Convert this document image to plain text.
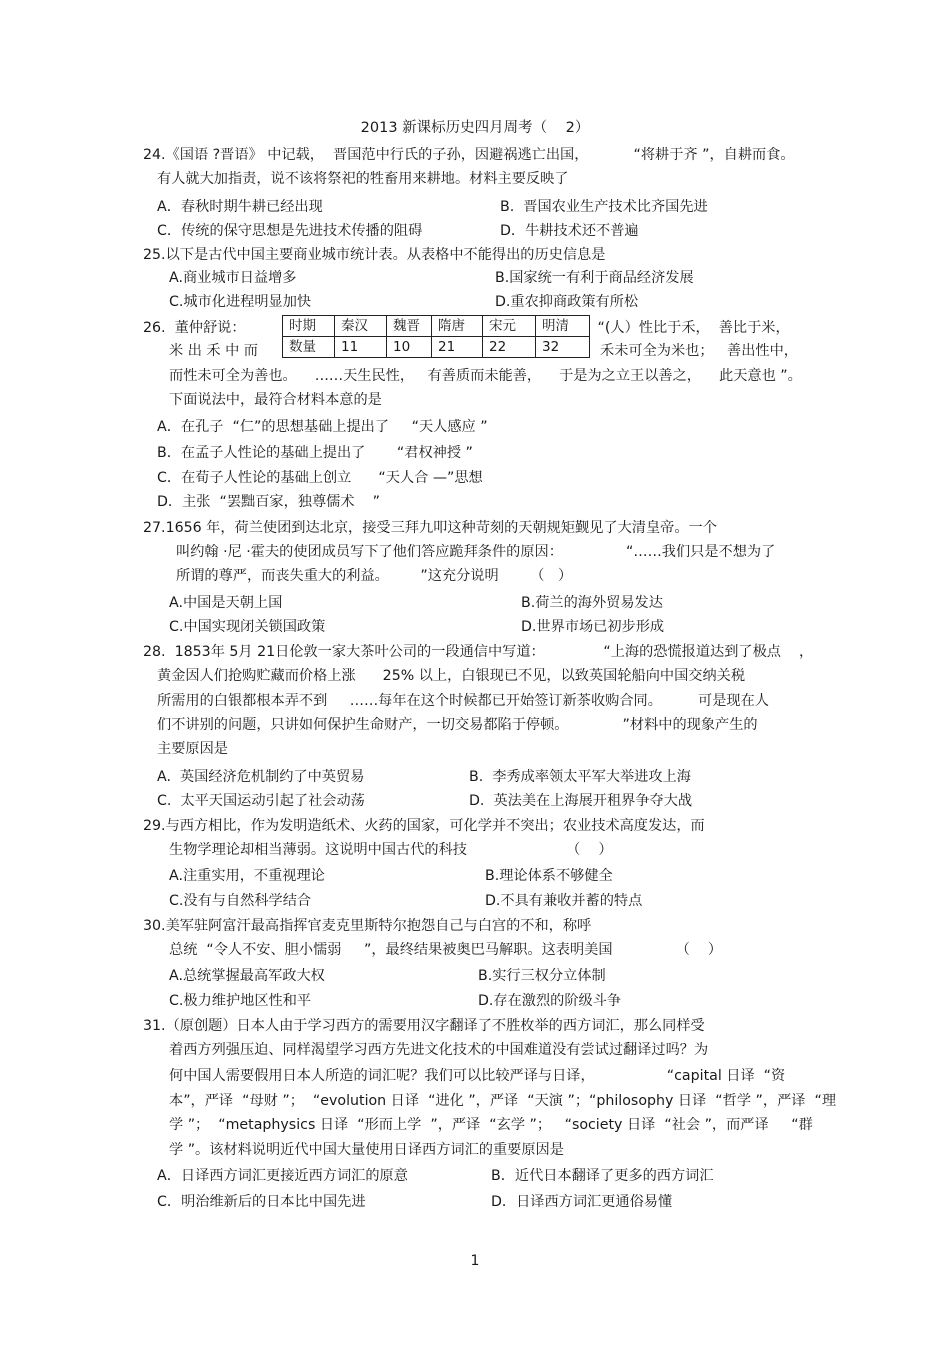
2013 新课标历史四月周考（    2）
24.《国语 ?晋语》 中记载，  晋国范中行氏的子孙，因避祸逃亡出国，          “将耕于齐 ”，自耕而食。
有人就大加指责，说不该将祭祀的牲畜用来耕地。材料主要反映了
A．春秋时期牛耕已经出现	B.  晋国农业生产技术比齐国先进
C．传统的保守思想是先进技术传播的阻碍	D．牛耕技术还不普遍
25.以下是古代中国主要商业城市统计表。从表格中不能得出的历史信息是
A.商业城市日益增多	B.国家统一有利于商品经济发展
C.城市化进程明显加快	D.重农抑商政策有所松
26.  董仲舒说：	“(人）性比于禾，  善比于米，
米 出 禾 中 而	禾未可全为米也；   善出性中，
而性未可全为善也。    ……天生民性，   有善质而未能善，    于是为之立王以善之，    此天意也 ”。
下面说法中，最符合材料本意的是
A．在孔子  “仁”的思想基础上提出了     “天人感应 ”
B．在孟子人性论的基础上提出了       “君权神授 ”
C．在荀子人性论的基础上创立      “天人合 —”思想
D．主张  “罢黜百家，独尊儒术    ”
27.1656 年，荷兰使团到达北京，接受三拜九叩这种苛刻的天朝规矩觐见了大清皇帝。一个
叫约翰 ·尼 ·霍夫的使团成员写下了他们答应跪拜条件的原因：              “……我们只是不想为了
所谓的尊严，而丧失重大的利益。       ”这充分说明       （   ）
A.中国是天朝上国	B.荷兰的海外贸易发达
C.中国实现闭关锁国政策	D.世界市场已初步形成
28.  1853年 5月 21日伦敦一家大茶叶公司的一段通信中写道：             “上海的恐慌报道达到了极点    ，
黄金因人们抢购贮藏而价格上涨      25% 以上，白银现已不见，以致英国轮船向中国交纳关税
所需用的白银都根本弄不到     ……每年在这个时候都已开始签订新茶收购合同。        可是现在人
们不讲别的问题，只讲如何保护生命财产，一切交易都陷于停顿。            ”材料中的现象产生的
主要原因是
A.  英国经济危机制约了中英贸易	B.  李秀成率领太平军大举进攻上海
C.  太平天国运动引起了社会动荡	D.  英法美在上海展开租界争夺大战
29.与西方相比，作为发明造纸术、火药的国家，可化学并不突出；农业技术高度发达，而
生物学理论却相当薄弱。这说明中国古代的科技                      （    ）
A.注重实用，不重视理论	B.理论体系不够健全
C.没有与自然科学结合	D.不具有兼收并蓄的特点
30.美军驻阿富汗最高指挥官麦克里斯特尔抱怨自己与白宫的不和，称呼
总统  “令人不安、胆小懦弱     ”，最终结果被奥巴马解职。这表明美国              （    ）
A.总统掌握最高军政大权	B.实行三权分立体制
C.极力维护地区性和平	D.存在激烈的阶级斗争
31.（原创题）日本人由于学习西方的需要用汉字翻译了不胜枚举的西方词汇，那么同样受
着西方列强压迫、同样渴望学习西方先进文化技术的中国难道没有尝试过翻译过吗？为
何中国人需要假用日本人所造的词汇呢？我们可以比较严译与日译，                “capital 日译  “资
本”，严译  “母财 ”；  “evolution 日译  “进化 ”，严译  “天演 ”；“philosophy 日译  “哲学 ”，严译  “理
学 ”；  “metaphysics 日译  “形而上学  ”，严译  “玄学 ”；   “society 日译  “社会 ”，而严译     “群
学 ”。该材料说明近代中国大量使用日译西方词汇的重要原因是
A．日译西方词汇更接近西方词汇的原意	B．近代日本翻译了更多的西方词汇
C．明治维新后的日本比中国先进	D．日译西方词汇更通俗易懂
时期	秦汉	魏晋	隋唐	宋元	明清
数量	11	10	21	22	32
1
